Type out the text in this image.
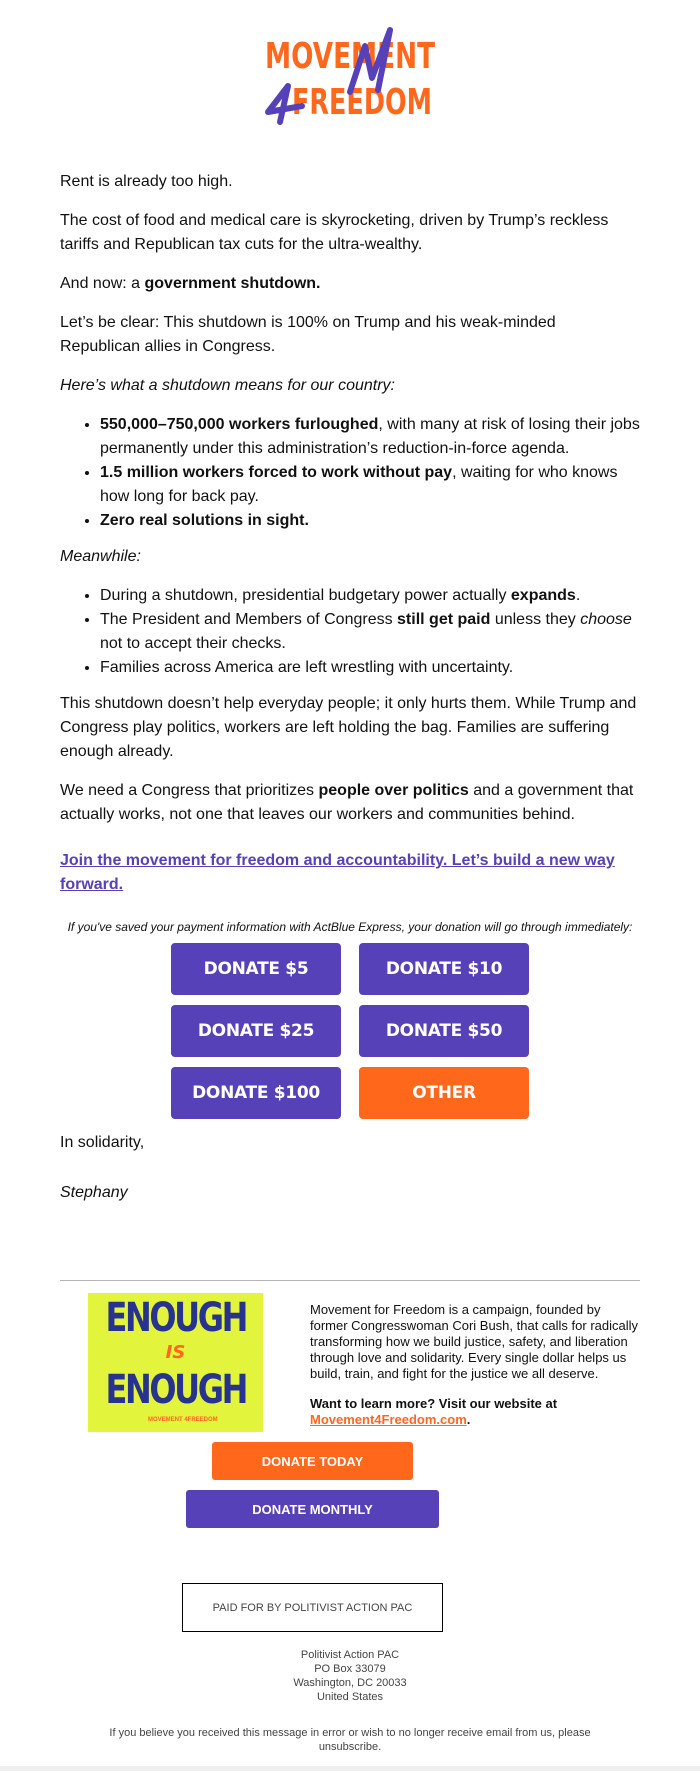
MOVEMENT
FREEDOM

Rent is already too high.

The cost of food and medical care is skyrocketing, driven by Trump’s reckless tariffs and Republican tax cuts for the ultra-wealthy.

And now: a government shutdown.

Let’s be clear: This shutdown is 100% on Trump and his weak-minded Republican allies in Congress.

Here’s what a shutdown means for our country:

• 550,000–750,000 workers furloughed, with many at risk of losing their jobs permanently under this administration’s reduction-in-force agenda.
• 1.5 million workers forced to work without pay, waiting for who knows how long for back pay.
• Zero real solutions in sight.

Meanwhile:

• During a shutdown, presidential budgetary power actually expands.
• The President and Members of Congress still get paid unless they choose not to accept their checks.
• Families across America are left wrestling with uncertainty.

This shutdown doesn’t help everyday people; it only hurts them. While Trump and Congress play politics, workers are left holding the bag. Families are suffering enough already.

We need a Congress that prioritizes people over politics and a government that actually works, not one that leaves our workers and communities behind.

Join the movement for freedom and accountability. Let’s build a new way forward.

If you've saved your payment information with ActBlue Express, your donation will go through immediately:
DONATE $5	DONATE $10
DONATE $25	DONATE $50
DONATE $100	OTHER

In solidarity,

Stephany

ENOUGH
IS
ENOUGH
MOVEMENT 4FREEDOM

Movement for Freedom is a campaign, founded by former Congresswoman Cori Bush, that calls for radically transforming how we build justice, safety, and liberation through love and solidarity. Every single dollar helps us build, train, and fight for the justice we all deserve.

Want to learn more? Visit our website at Movement4Freedom.com.

DONATE TODAY
DONATE MONTHLY
PAID FOR BY POLITIVIST ACTION PAC
Politivist Action PAC
PO Box 33079
Washington, DC 20033
United States
If you believe you received this message in error or wish to no longer receive email from us, please unsubscribe.
